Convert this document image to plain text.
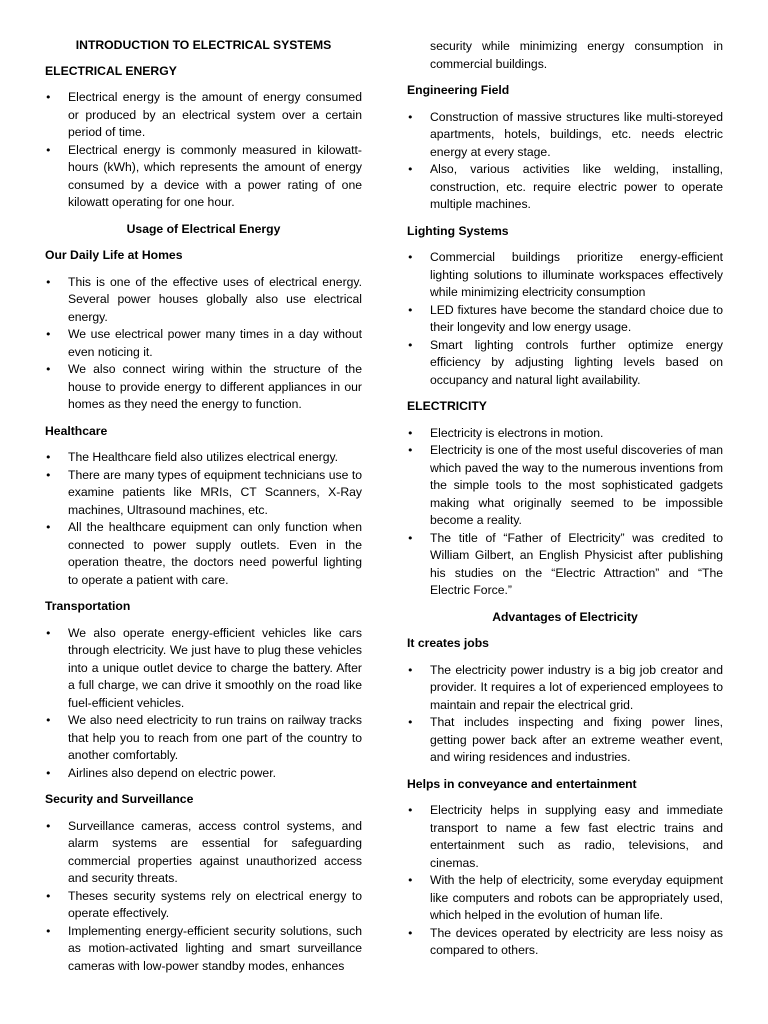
INTRODUCTION TO ELECTRICAL SYSTEMS
ELECTRICAL ENERGY
• Electrical energy is the amount of energy consumed or produced by an electrical system over a certain period of time.
• Electrical energy is commonly measured in kilowatt-hours (kWh), which represents the amount of energy consumed by a device with a power rating of one kilowatt operating for one hour.
Usage of Electrical Energy
Our Daily Life at Homes
• This is one of the effective uses of electrical energy. Several power houses globally also use electrical energy.
• We use electrical power many times in a day without even noticing it.
• We also connect wiring within the structure of the house to provide energy to different appliances in our homes as they need the energy to function.
Healthcare
• The Healthcare field also utilizes electrical energy.
• There are many types of equipment technicians use to examine patients like MRIs, CT Scanners, X-Ray machines, Ultrasound machines, etc.
• All the healthcare equipment can only function when connected to power supply outlets. Even in the operation theatre, the doctors need powerful lighting to operate a patient with care.
Transportation
• We also operate energy-efficient vehicles like cars through electricity. We just have to plug these vehicles into a unique outlet device to charge the battery. After a full charge, we can drive it smoothly on the road like fuel-efficient vehicles.
• We also need electricity to run trains on railway tracks that help you to reach from one part of the country to another comfortably.
• Airlines also depend on electric power.
Security and Surveillance
• Surveillance cameras, access control systems, and alarm systems are essential for safeguarding commercial properties against unauthorized access and security threats.
• Theses security systems rely on electrical energy to operate effectively.
• Implementing energy-efficient security solutions, such as motion-activated lighting and smart surveillance cameras with low-power standby modes, enhances
security while minimizing energy consumption in commercial buildings.
Engineering Field
• Construction of massive structures like multi-storeyed apartments, hotels, buildings, etc. needs electric energy at every stage.
• Also, various activities like welding, installing, construction, etc. require electric power to operate multiple machines.
Lighting Systems
• Commercial buildings prioritize energy-efficient lighting solutions to illuminate workspaces effectively while minimizing electricity consumption
• LED fixtures have become the standard choice due to their longevity and low energy usage.
• Smart lighting controls further optimize energy efficiency by adjusting lighting levels based on occupancy and natural light availability.
ELECTRICITY
• Electricity is electrons in motion.
• Electricity is one of the most useful discoveries of man which paved the way to the numerous inventions from the simple tools to the most sophisticated gadgets making what originally seemed to be impossible become a reality.
• The title of “Father of Electricity” was credited to William Gilbert, an English Physicist after publishing his studies on the “Electric Attraction” and “The Electric Force.”
Advantages of Electricity
It creates jobs
• The electricity power industry is a big job creator and provider. It requires a lot of experienced employees to maintain and repair the electrical grid.
• That includes inspecting and fixing power lines, getting power back after an extreme weather event, and wiring residences and industries.
Helps in conveyance and entertainment
• Electricity helps in supplying easy and immediate transport to name a few fast electric trains and entertainment such as radio, televisions, and cinemas.
• With the help of electricity, some everyday equipment like computers and robots can be appropriately used, which helped in the evolution of human life.
• The devices operated by electricity are less noisy as compared to others.
